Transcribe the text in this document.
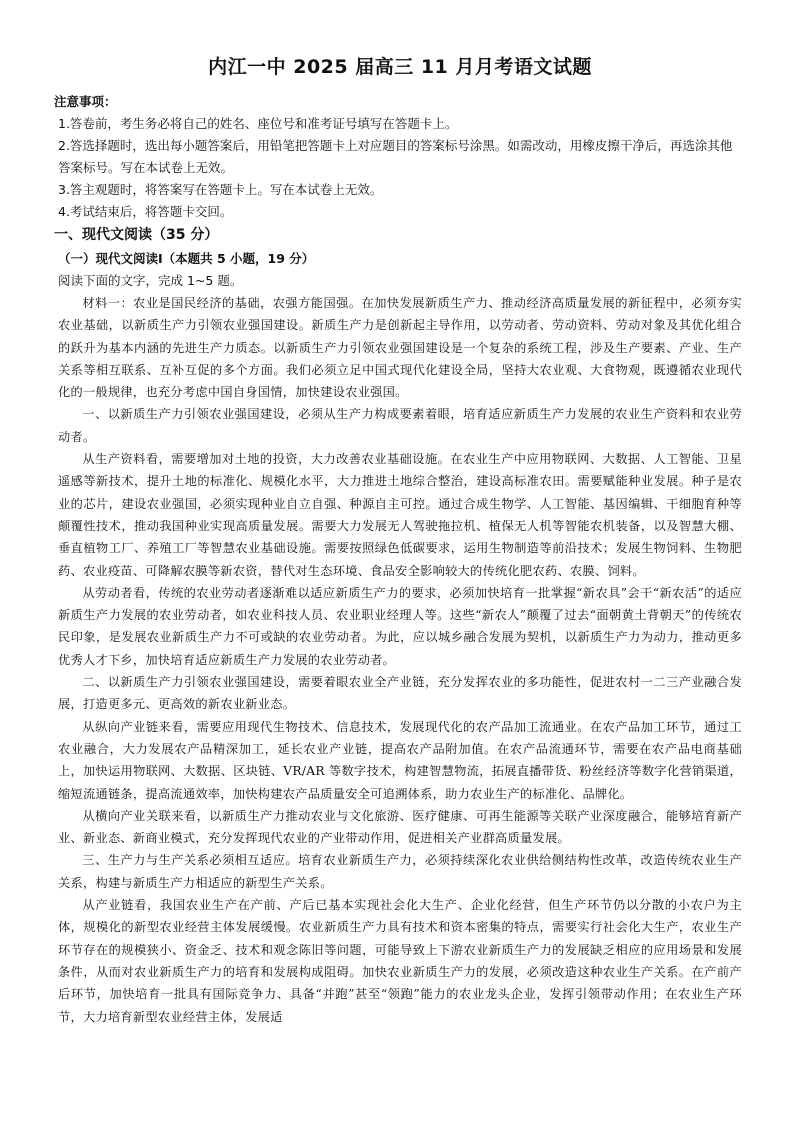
内江一中 2025 届高三 11 月月考语文试题
注意事项：
1.答卷前，考生务必将自己的姓名、座位号和准考证号填写在答题卡上。
2.答选择题时，选出每小题答案后，用铅笔把答题卡上对应题目的答案标号涂黑。如需改动，用橡皮擦干净后，再选涂其他答案标号。写在本试卷上无效。
3.答主观题时，将答案写在答题卡上。写在本试卷上无效。
4.考试结束后，将答题卡交回。
一、现代文阅读（35 分）
（一）现代文阅读Ⅰ（本题共 5 小题，19 分）
阅读下面的文字，完成 1~5 题。

材料一：农业是国民经济的基础，农强方能国强。在加快发展新质生产力、推动经济高质量发展的新征程中，必须夯实农业基础，以新质生产力引领农业强国建设。新质生产力是创新起主导作用，以劳动者、劳动资料、劳动对象及其优化组合的跃升为基本内涵的先进生产力质态。以新质生产力引领农业强国建设是一个复杂的系统工程，涉及生产要素、产业、生产关系等相互联系、互补互促的多个方面。我们必须立足中国式现代化建设全局，坚持大农业观、大食物观，既遵循农业现代化的一般规律，也充分考虑中国自身国情，加快建设农业强国。

一、以新质生产力引领农业强国建设，必须从生产力构成要素着眼，培育适应新质生产力发展的农业生产资料和农业劳动者。

从生产资料看，需要增加对土地的投资，大力改善农业基础设施。在农业生产中应用物联网、大数据、人工智能、卫星遥感等新技术，提升土地的标准化、规模化水平，大力推进土地综合整治，建设高标准农田。需要赋能种业发展。种子是农业的芯片，建设农业强国，必须实现种业自立自强、种源自主可控。通过合成生物学、人工智能、基因编辑、干细胞育种等颠覆性技术，推动我国种业实现高质量发展。需要大力发展无人驾驶拖拉机、植保无人机等智能农机装备，以及智慧大棚、垂直植物工厂、养殖工厂等智慧农业基础设施。需要按照绿色低碳要求，运用生物制造等前沿技术；发展生物饲料、生物肥药、农业疫苗、可降解农膜等新农资，替代对生态环境、食品安全影响较大的传统化肥农药、农膜、饲料。

从劳动者看，传统的农业劳动者逐渐难以适应新质生产力的要求，必须加快培育一批掌握“新农具”会干“新农活”的适应新质生产力发展的农业劳动者，如农业科技人员、农业职业经理人等。这些“新农人”颠覆了过去“面朝黄土背朝天”的传统农民印象，是发展农业新质生产力不可或缺的农业劳动者。为此，应以城乡融合发展为契机，以新质生产力为动力，推动更多优秀人才下乡，加快培育适应新质生产力发展的农业劳动者。

二、以新质生产力引领农业强国建设，需要着眼农业全产业链，充分发挥农业的多功能性，促进农村一二三产业融合发展，打造更多元、更高效的新农业新业态。

从纵向产业链来看，需要应用现代生物技术、信息技术，发展现代化的农产品加工流通业。在农产品加工环节，通过工农业融合，大力发展农产品精深加工，延长农业产业链，提高农产品附加值。在农产品流通环节，需要在农产品电商基础上，加快运用物联网、大数据、区块链、VR/AR 等数字技术，构建智慧物流，拓展直播带货、粉丝经济等数字化营销渠道，缩短流通链条，提高流通效率，加快构建农产品质量安全可追溯体系，助力农业生产的标准化、品牌化。

从横向产业关联来看，以新质生产力推动农业与文化旅游、医疗健康、可再生能源等关联产业深度融合，能够培育新产业、新业态、新商业模式，充分发挥现代农业的产业带动作用，促进相关产业群高质量发展。

三、生产力与生产关系必须相互适应。培育农业新质生产力，必须持续深化农业供给侧结构性改革，改造传统农业生产关系，构建与新质生产力相适应的新型生产关系。

从产业链看，我国农业生产在产前、产后已基本实现社会化大生产、企业化经营，但生产环节仍以分散的小农户为主体，规模化的新型农业经营主体发展缓慢。农业新质生产力具有技术和资本密集的特点，需要实行社会化大生产，农业生产环节存在的规模狭小、资金乏、技术和观念陈旧等问题，可能导致上下游农业新质生产力的发展缺乏相应的应用场景和发展条件，从而对农业新质生产力的培育和发展构成阻碍。加快农业新质生产力的发展，必须改造这种农业生产关系。在产前产后环节，加快培育一批具有国际竞争力、具备“并跑”甚至“领跑”能力的农业龙头企业，发挥引领带动作用；在农业生产环节，大力培育新型农业经营主体，发展适
